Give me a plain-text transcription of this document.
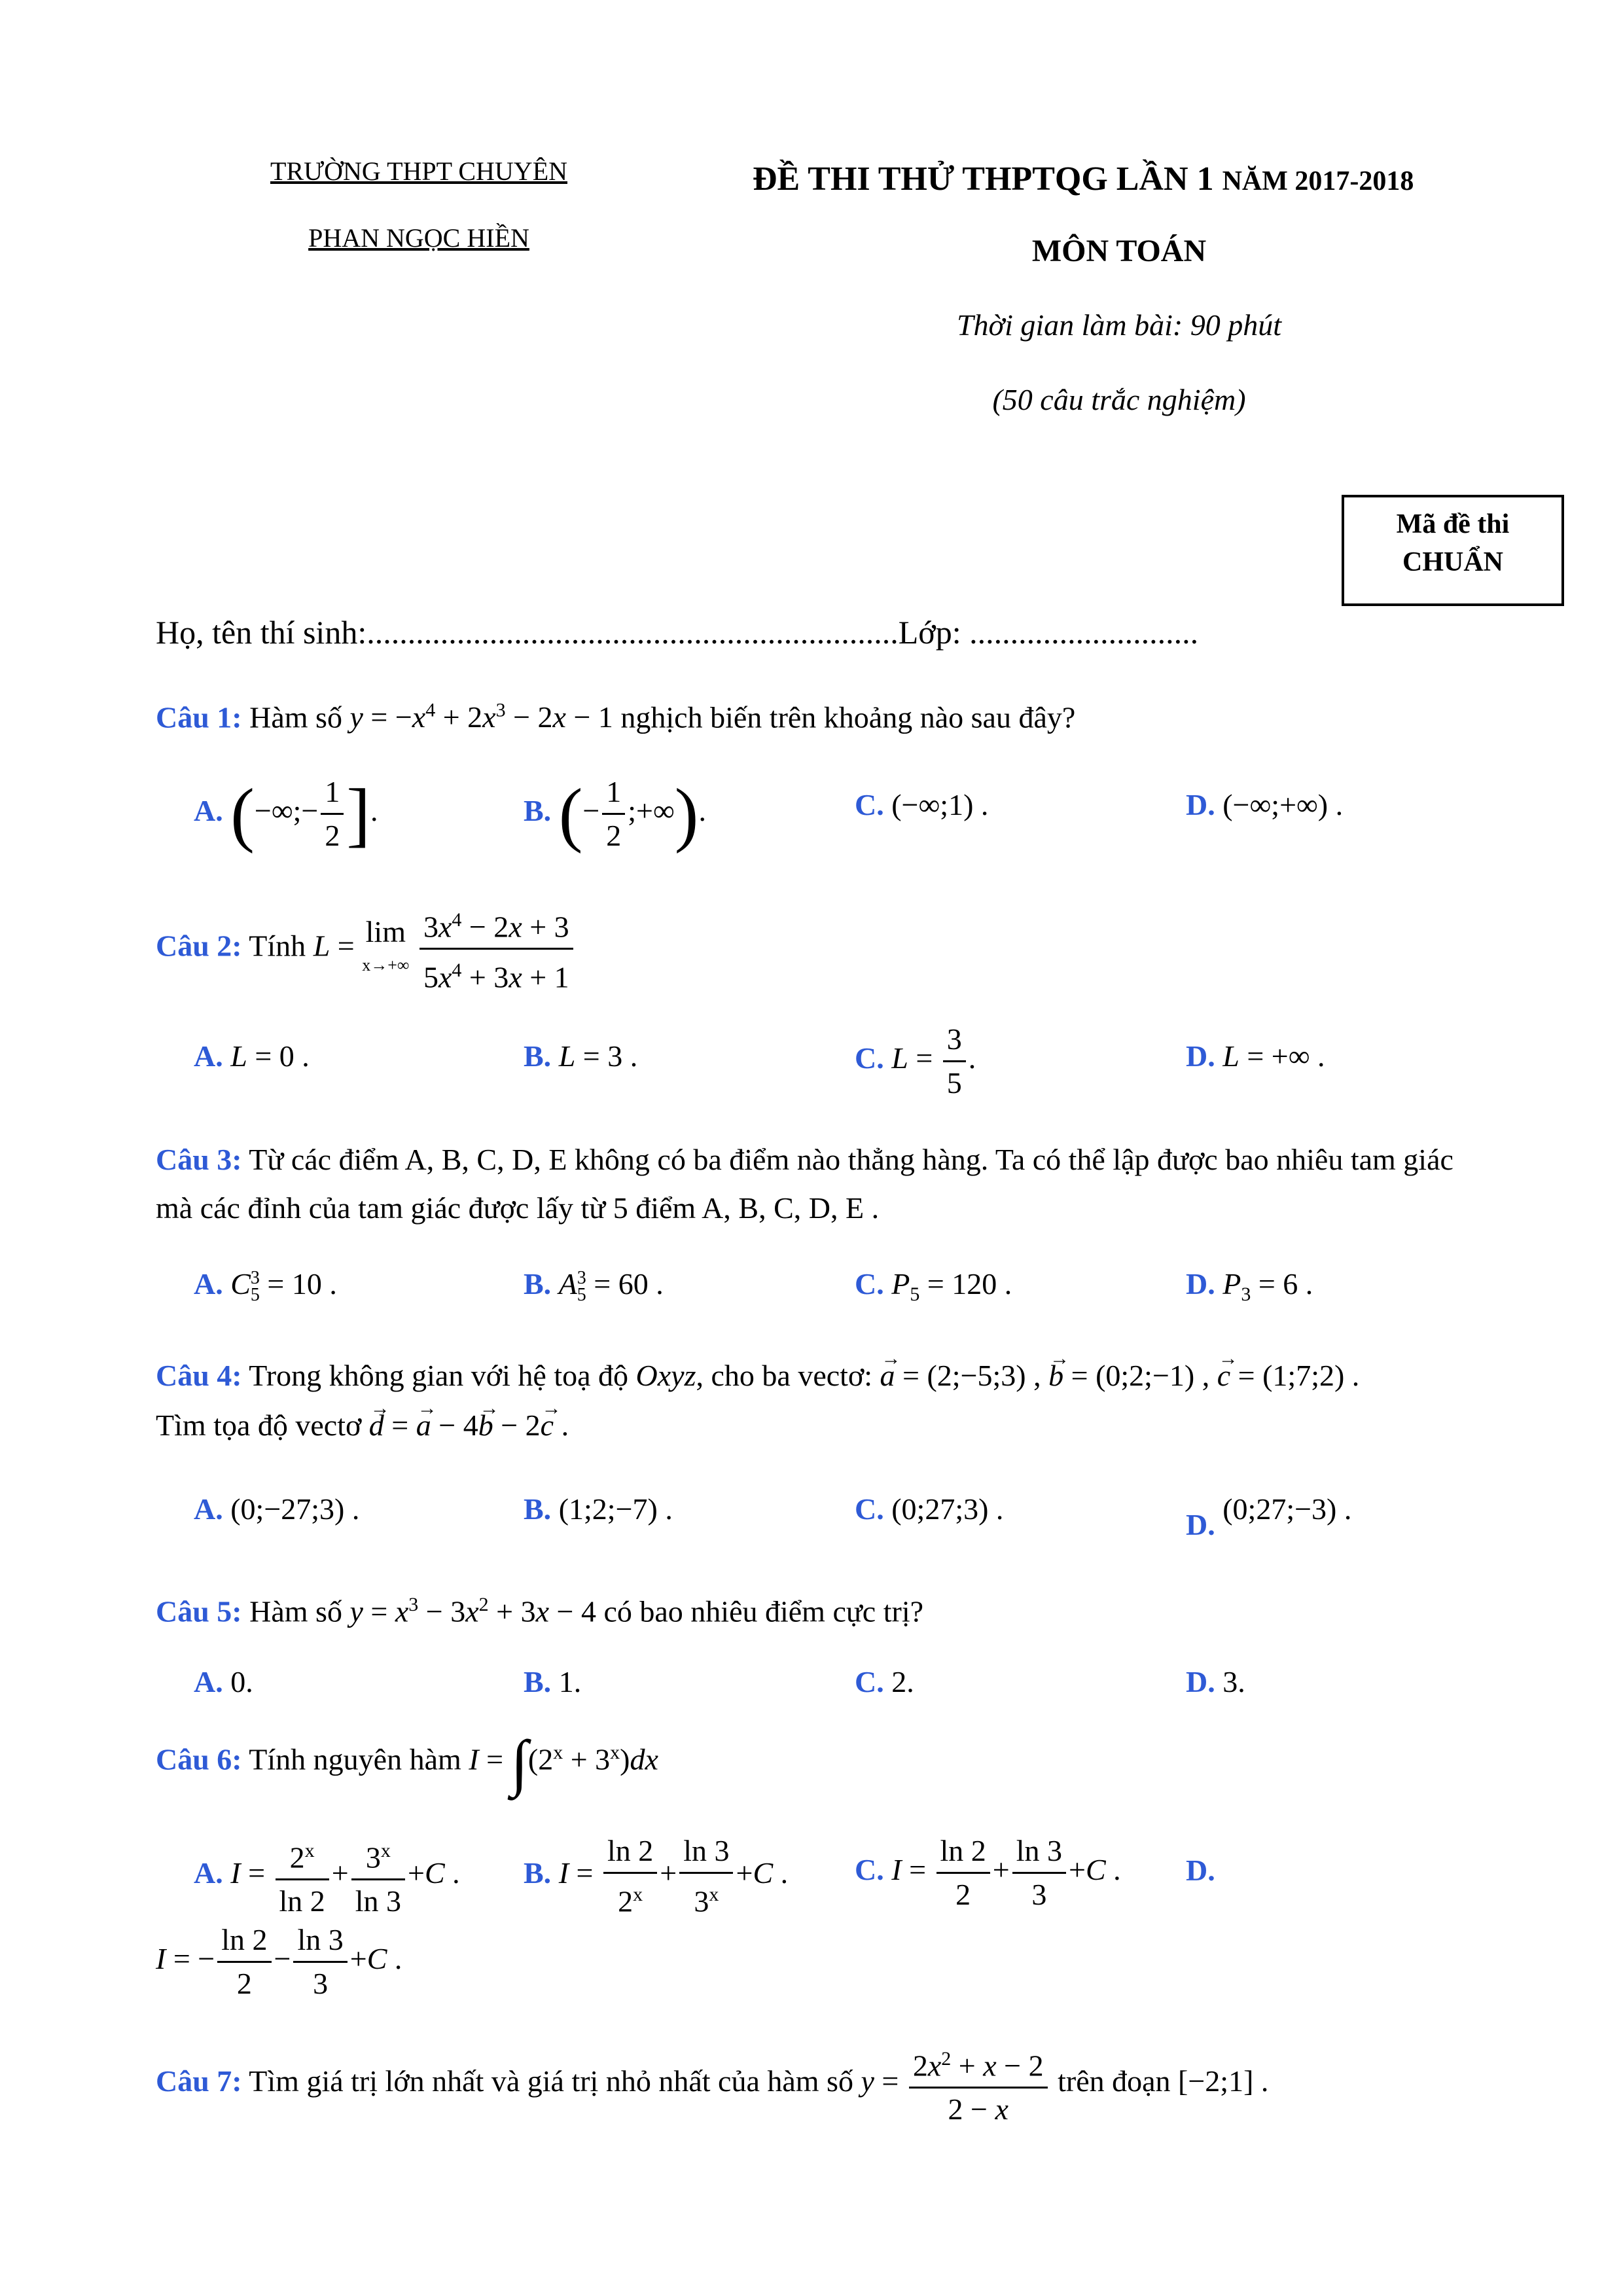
TRƯỜNG THPT CHUYÊN
PHAN NGỌC HIỀN
ĐỀ THI THỬ THPTQG LẦN 1 NĂM 2017-2018
MÔN TOÁN
Thời gian làm bài: 90 phút
(50 câu trắc nghiệm)
Mã đề thi
CHUẨN
Họ, tên thí sinh:.................................................................Lớp: ............................
Câu 1: Hàm số $y = -x^4 + 2x^3 - 2x - 1$ nghịch biến trên khoảng nào sau đây?
A. (−∞;− $\frac{1}{2}$ ].	B. (− $\frac{1}{2}$ ;+∞).	C. (−∞;1) .	D. (−∞;+∞) .
Câu 2: Tính L = lim
$x\to+\infty \frac{3x^4 - 2x + 3}{5x^4 + 3x + 1}$
A. L = 0 .	B. L = 3 .	C. $L = \frac{3}{5}$ .	D. L = +∞ .
Câu 3: Từ các điểm A, B, C, D, E không có ba điểm nào thẳng hàng. Ta có thể lập được bao nhiêu tam giác
mà các đỉnh của tam giác được lấy từ 5 điểm A, B, C, D, E .
A. C3
5 = 10 .	B. A3
5 = 60 .	C. $P_5 = 120$ .	D. $P_3 = 6$ .
Câu 4: Trong không gian với hệ toạ độ Oxyz, cho ba vectơ: → a = (2;−5;3) , → b = (0;2;−1) , → c = (1;7;2) .
Tìm tọa độ vectơ → d = → a − 4→ b − 2→ c .
A. (0;−27;3) .	B. (1;2;−7) .	C. (0;27;3) .	D. (0;27;−3) .
Câu 5: Hàm số $y = x^3 - 3x^2 + 3x - 4$ có bao nhiêu điểm cực trị?
A. 0.	B. 1.	C. 2.	D. 3.
Câu 6: Tính nguyên hàm $I = \int(2^x + 3^x)dx$
A. $I = \frac{2^x}{\ln 2} + \frac{3^x}{\ln 3} +C$ . B. $I = \frac{\ln 2}{2^x} + \frac{\ln 3}{3^x} +C$ . C. $I = \frac{\ln 2}{2} + \frac{\ln 3}{3} +C$ . D.
I = − $\frac{\ln 2}{2} - \frac{\ln 3}{3} +C$ .
Câu 7: Tìm giá trị lớn nhất và giá trị nhỏ nhất của hàm số $y = \frac{2x^2 + x - 2}{2 - x}$ trên đoạn [−2;1] .
